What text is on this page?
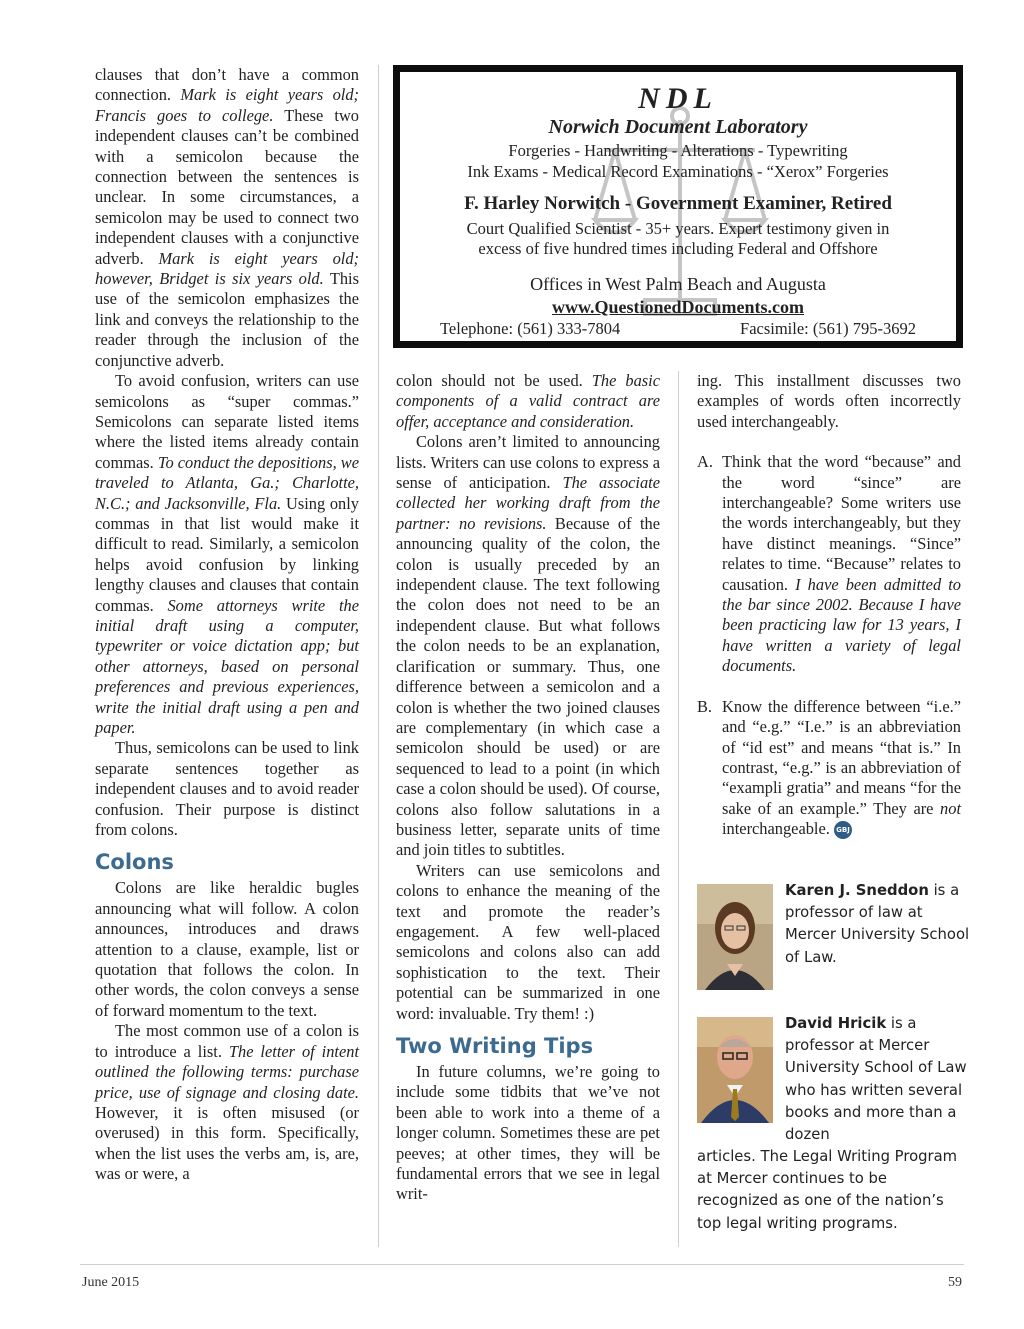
clauses that don’t have a common connection. Mark is eight years old; Francis goes to college. These two independent clauses can’t be combined with a semicolon because the connection between the sentences is unclear. In some circumstances, a semicolon may be used to connect two independent clauses with a conjunctive adverb. Mark is eight years old; however, Bridget is six years old. This use of the semicolon emphasizes the link and conveys the relationship to the reader through the inclusion of the conjunctive adverb.

To avoid confusion, writers can use semicolons as “super commas.” Semicolons can separate listed items where the listed items already contain commas. To conduct the depositions, we traveled to Atlanta, Ga.; Charlotte, N.C.; and Jacksonville, Fla. Using only commas in that list would make it difficult to read. Similarly, a semicolon helps avoid confusion by linking lengthy clauses and clauses that contain commas. Some attorneys write the initial draft using a computer, typewriter or voice dictation app; but other attorneys, based on personal preferences and previous experiences, write the initial draft using a pen and paper.

Thus, semicolons can be used to link separate sentences together as independent clauses and to avoid reader confusion. Their purpose is distinct from colons.

Colons

Colons are like heraldic bugles announcing what will follow. A colon announces, introduces and draws attention to a clause, example, list or quotation that follows the colon. In other words, the colon conveys a sense of forward momentum to the text.

The most common use of a colon is to introduce a list. The letter of intent outlined the following terms: purchase price, use of signage and closing date. However, it is often misused (or overused) in this form. Specifically, when the list uses the verbs am, is, are, was or were, a

NDL
Norwich Document Laboratory
Forgeries - Handwriting - Alterations - Typewriting
Ink Exams - Medical Record Examinations - “Xerox” Forgeries
F. Harley Norwitch - Government Examiner, Retired
Court Qualified Scientist - 35+ years. Expert testimony given in
excess of five hundred times including Federal and Offshore
Offices in West Palm Beach and Augusta
www.QuestionedDocuments.com
Telephone: (561) 333-7804	Facsimile: (561) 795-3692

colon should not be used. The basic components of a valid contract are offer, acceptance and consideration.

Colons aren’t limited to announcing lists. Writers can use colons to express a sense of anticipation. The associate collected her working draft from the partner: no revisions. Because of the announcing quality of the colon, the colon is usually preceded by an independent clause. The text following the colon does not need to be an independent clause. But what follows the colon needs to be an explanation, clarification or summary. Thus, one difference between a semicolon and a colon is whether the two joined clauses are complementary (in which case a semicolon should be used) or are sequenced to lead to a point (in which case a colon should be used). Of course, colons also follow salutations in a business letter, separate units of time and join titles to subtitles.

Writers can use semicolons and colons to enhance the meaning of the text and promote the reader’s engagement. A few well-placed semicolons and colons also can add sophistication to the text. Their potential can be summarized in one word: invaluable. Try them! :)

Two Writing Tips

In future columns, we’re going to include some tidbits that we’ve not been able to work into a theme of a longer column. Sometimes these are pet peeves; at other times, they will be fundamental errors that we see in legal writ-

ing. This installment discusses two examples of words often incorrectly used interchangeably.

A. Think that the word “because” and the word “since” are interchangeable? Some writers use the words interchangeably, but they have distinct meanings. “Since” relates to time. “Because” relates to causation. I have been admitted to the bar since 2002. Because I have been practicing law for 13 years, I have written a variety of legal documents.
B. Know the difference between “i.e.” and “e.g.” “I.e.” is an abbreviation of “id est” and means “that is.” In contrast, “e.g.” is an abbreviation of “exampli gratia” and means “for the sake of an example.” They are not interchangeable. GBJ
Karen J. Sneddon is a professor of law at Mercer University School of Law.
David Hricik is a professor at Mercer University School of Law who has written several books and more than a dozen
articles. The Legal Writing Program at Mercer continues to be recognized as one of the nation’s top legal writing programs.
June 2015	59
